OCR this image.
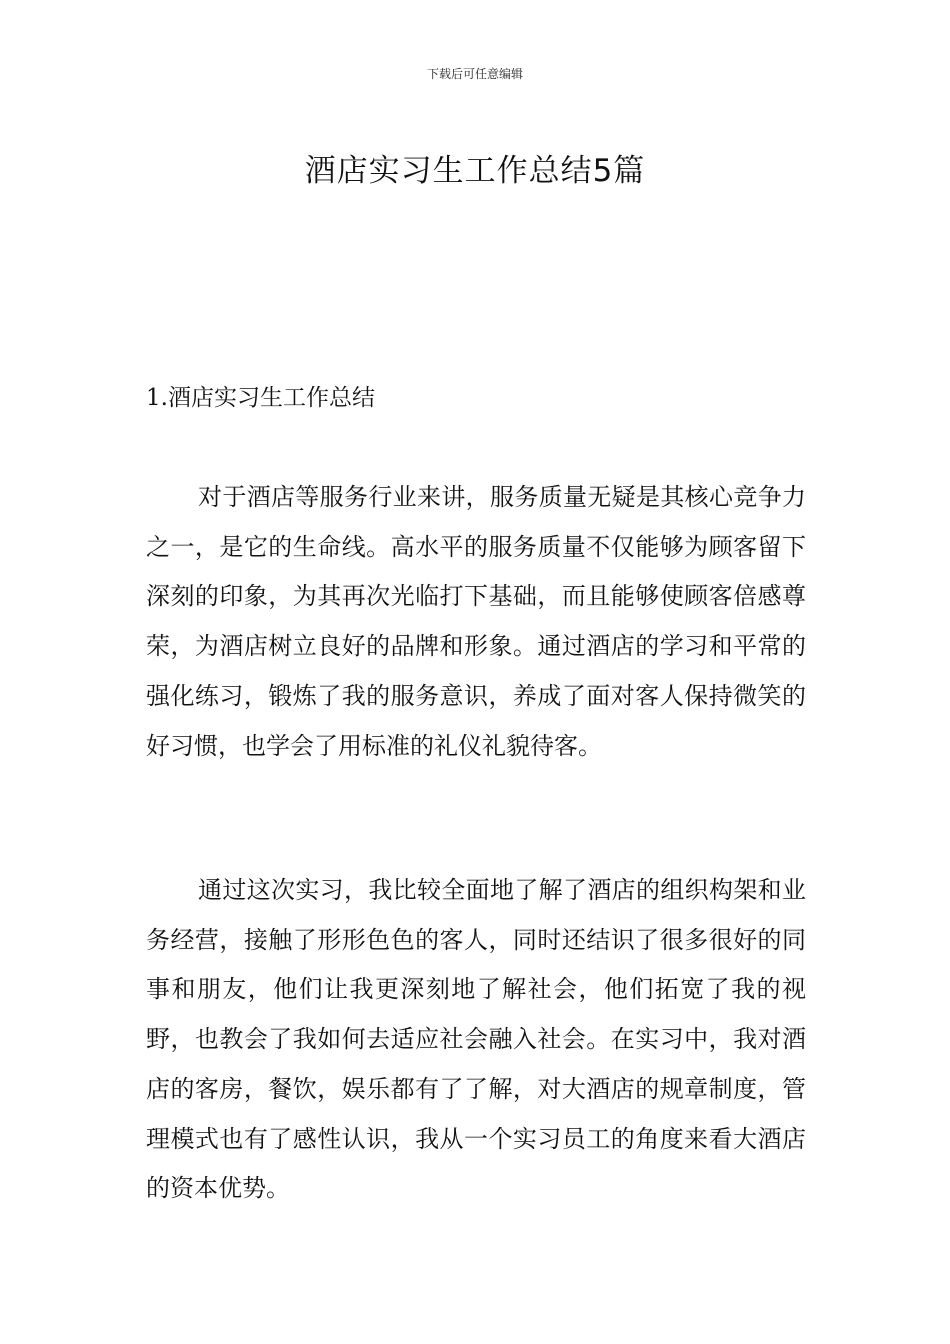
下载后可任意编辑
酒店实习生工作总结5篇
1.酒店实习生工作总结

对于酒店等服务行业来讲，服务质量无疑是其核心竞争力之一，是它的生命线。高水平的服务质量不仅能够为顾客留下深刻的印象，为其再次光临打下基础，而且能够使顾客倍感尊荣，为酒店树立良好的品牌和形象。通过酒店的学习和平常的强化练习，锻炼了我的服务意识，养成了面对客人保持微笑的好习惯，也学会了用标准的礼仪礼貌待客。

通过这次实习，我比较全面地了解了酒店的组织构架和业务经营，接触了形形色色的客人，同时还结识了很多很好的同事和朋友，他们让我更深刻地了解社会，他们拓宽了我的视野，也教会了我如何去适应社会融入社会。在实习中，我对酒店的客房，餐饮，娱乐都有了了解，对大酒店的规章制度，管理模式也有了感性认识，我从一个实习员工的角度来看大酒店的资本优势。
